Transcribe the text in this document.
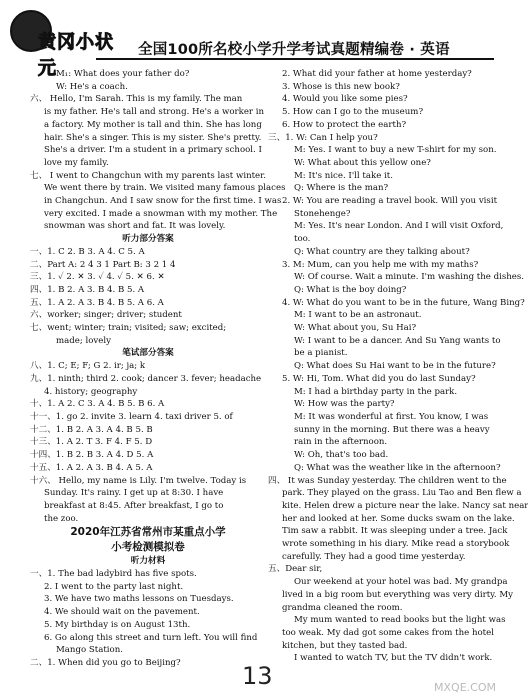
黄冈小状元
全国100所名校小学升学考试真题精编卷 · 英语
M₁: What does your father do?
W: He's a coach.
六、 Hello, I'm Sarah. This is my family. The man
is my father. He's tall and strong. He's a worker in
a factory. My mother is tall and thin. She has long
hair. She's a singer. This is my sister. She's pretty.
She's a driver. I'm a student in a primary school. I
love my family.
七、 I went to Changchun with my parents last winter.
We went there by train. We visited many famous places
in Changchun. And I saw snow for the first time. I was
very excited. I made a snowman with my mother. The
snowman was short and fat. It was lovely.
听力部分答案
一、1. C 2. B 3. A 4. C 5. A
二、Part A: 2 4 3 1 Part B: 3 2 1 4
三、1. ✓ 2. ✕ 3. ✓ 4. ✓ 5. ✕ 6. ✕
四、1. B 2. A 3. B 4. B 5. A
五、1. A 2. A 3. B 4. B 5. A 6. A
六、worker; singer; driver; student
七、went; winter; train; visited; saw; excited;
made; lovely
笔试部分答案
八、1. C; E; F; G 2. ir; ja; k
九、1. ninth; third 2. cook; dancer 3. fever; headache
4. history; geography
十、1. A 2. C 3. A 4. B 5. B 6. A
十一、1. go 2. invite 3. learn 4. taxi driver 5. of
十二、1. B 2. A 3. A 4. B 5. B
十三、1. A 2. T 3. F 4. F 5. D
十四、1. B 2. B 3. A 4. D 5. A
十五、1. A 2. A 3. B 4. A 5. A
十六、 Hello, my name is Lily. I'm twelve. Today is
Sunday. It's rainy. I get up at 8:30. I have
breakfast at 8:45. After breakfast, I go to
the zoo.
2020年江苏省常州市某重点小学
小考检测模拟卷
听力材料
一、1. The bad ladybird has five spots.
2. I went to the party last night.
3. We have two maths lessons on Tuesdays.
4. We should wait on the pavement.
5. My birthday is on August 13th.
6. Go along this street and turn left. You will find
Mango Station.
二、1. When did you go to Beijing?
2. What did your father at home yesterday?
3. Whose is this new book?
4. Would you like some pies?
5. How can I go to the museum?
6. How to protect the earth?
三、1. W: Can I help you?
M: Yes. I want to buy a new T-shirt for my son.
W: What about this yellow one?
M: It's nice. I'll take it.
Q: Where is the man?
2. W: You are reading a travel book. Will you visit
Stonehenge?
M: Yes. It's near London. And I will visit Oxford,
too.
Q: What country are they talking about?
3. M: Mum, can you help me with my maths?
W: Of course. Wait a minute. I'm washing the dishes.
Q: What is the boy doing?
4. W: What do you want to be in the future, Wang Bing?
M: I want to be an astronaut.
W: What about you, Su Hai?
W: I want to be a dancer. And Su Yang wants to
be a pianist.
Q: What does Su Hai want to be in the future?
5. W: Hi, Tom. What did you do last Sunday?
M: I had a birthday party in the park.
W: How was the party?
M: It was wonderful at first. You know, I was
sunny in the morning. But there was a heavy
rain in the afternoon.
W: Oh, that's too bad.
Q: What was the weather like in the afternoon?
四、 It was Sunday yesterday. The children went to the
park. They played on the grass. Liu Tao and Ben flew a
kite. Helen drew a picture near the lake. Nancy sat near
her and looked at her. Some ducks swam on the lake.
Tim saw a rabbit. It was sleeping under a tree. Jack
wrote something in his diary. Mike read a storybook
carefully. They had a good time yesterday.
五、Dear sir,
Our weekend at your hotel was bad. My grandpa
lived in a big room but everything was very dirty. My
grandma cleaned the room.
My mum wanted to read books but the light was
too weak. My dad got some cakes from the hotel
kitchen, but they tasted bad.
I wanted to watch TV, but the TV didn't work.
13	MXQE.COM
